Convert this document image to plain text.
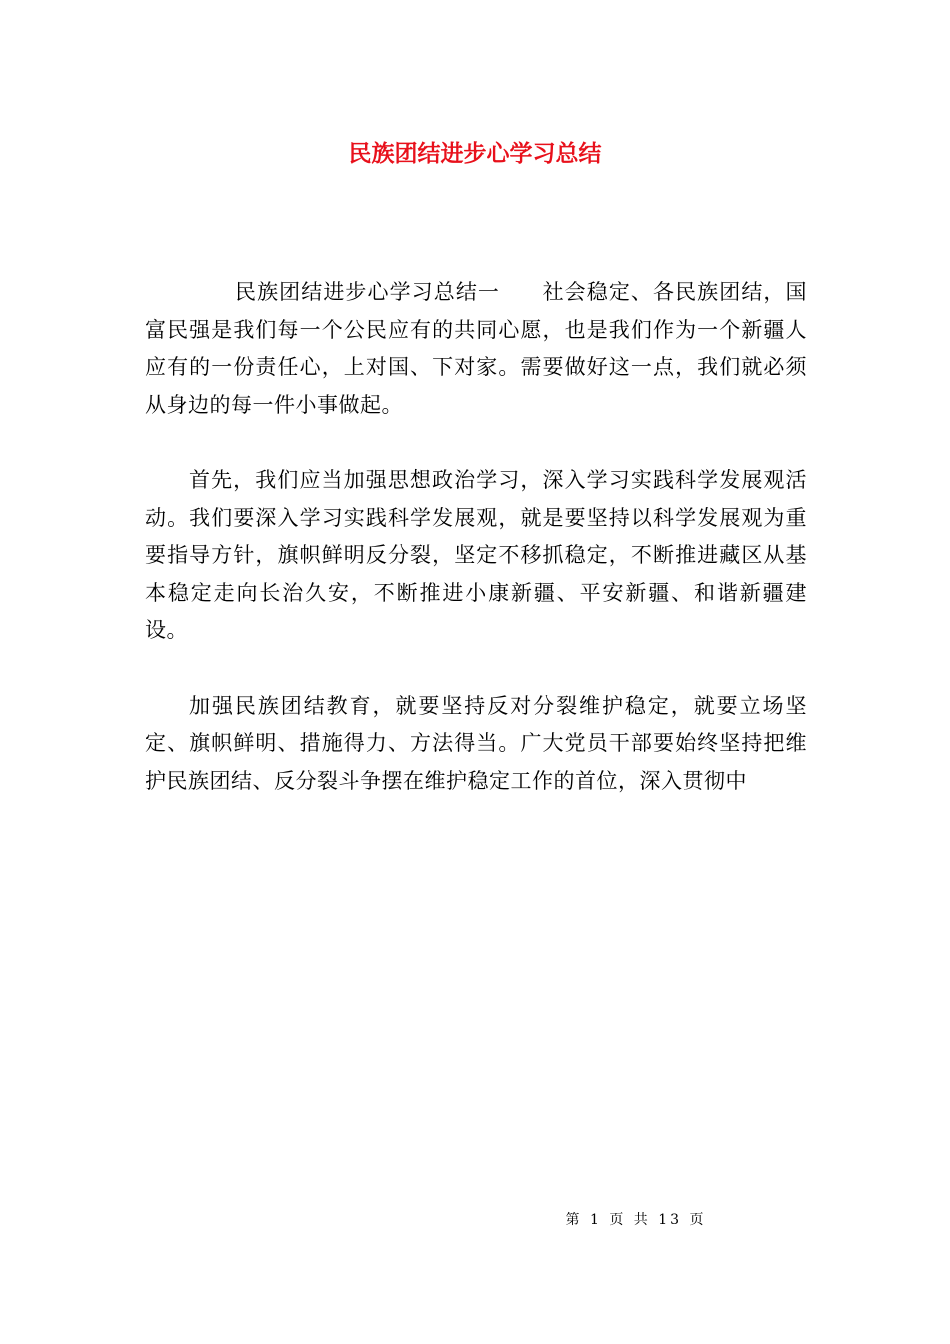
民族团结进步心学习总结

民族团结进步心学习总结一 社会稳定、各民族团结，国富民强是我们每一个公民应有的共同心愿，也是我们作为一个新疆人应有的一份责任心，上对国、下对家。需要做好这一点，我们就必须从身边的每一件小事做起。

首先，我们应当加强思想政治学习，深入学习实践科学发展观活动。我们要深入学习实践科学发展观，就是要坚持以科学发展观为重要指导方针，旗帜鲜明反分裂，坚定不移抓稳定，不断推进藏区从基本稳定走向长治久安，不断推进小康新疆、平安新疆、和谐新疆建设。

加强民族团结教育，就要坚持反对分裂维护稳定，就要立场坚定、旗帜鲜明、措施得力、方法得当。广大党员干部要始终坚持把维护民族团结、反分裂斗争摆在维护稳定工作的首位，深入贯彻中

第 1 页 共 13 页
